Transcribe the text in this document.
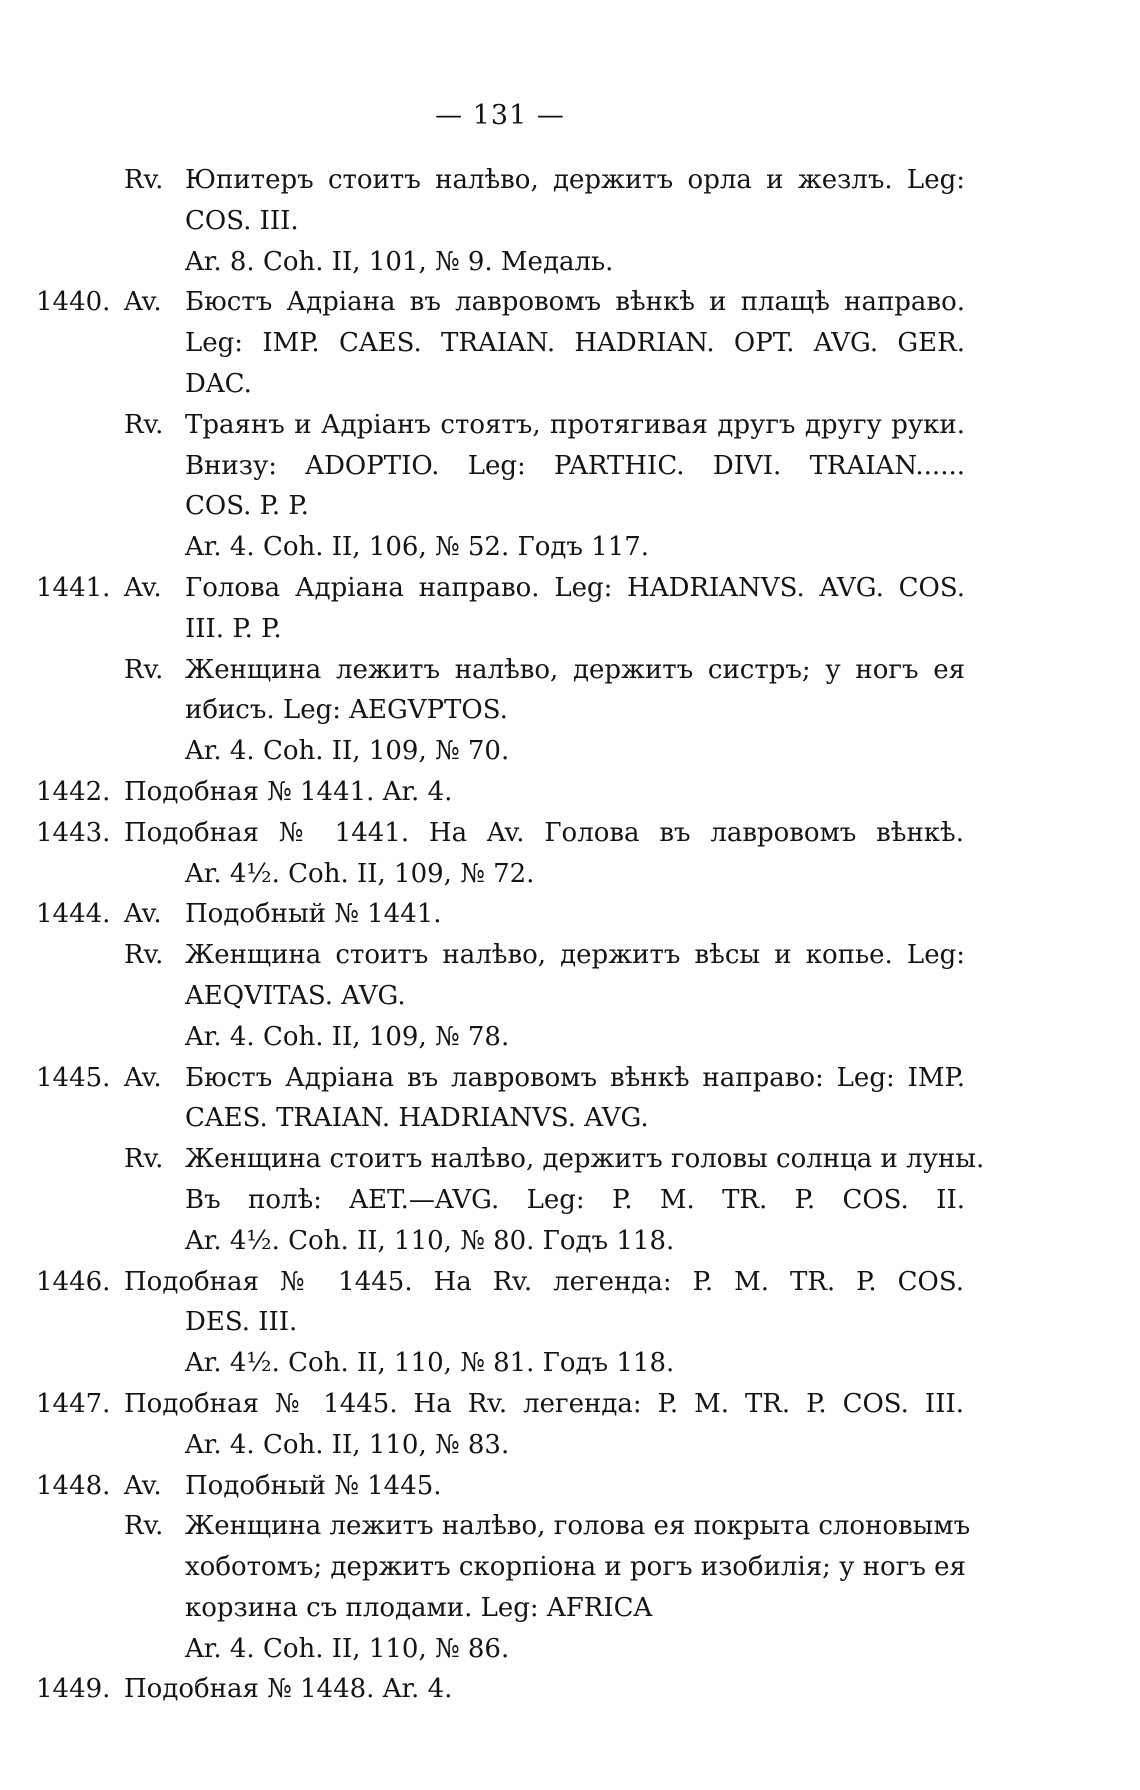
— 131 —
Rv. Юпитеръ стоитъ налѣво, держитъ орла и жезлъ. Leg:
COS. III.
Ar. 8. Coh. II, 101, № 9. Медаль.
1440. Av. Бюстъ Адріана въ лавровомъ вѣнкѣ и плащѣ направо.
Leg: IMP. CAES. TRAIAN. HADRIAN. OPT. AVG. GER.
DAC.
Rv. Траянъ и Адріанъ стоятъ, протягивая другъ другу руки.
Внизу: ADOPTIO. Leg: PARTHIC. DIVI. TRAIAN......
COS. P. P.
Ar. 4. Coh. II, 106, № 52. Годъ 117.
1441. Av. Голова Адріана направо. Leg: HADRIANVS. AVG. COS.
III. P. P.
Rv. Женщина лежитъ налѣво, держитъ систръ; у ногъ ея
ибисъ. Leg: AEGVPTOS.
Ar. 4. Coh. II, 109, № 70.
1442. Подобная № 1441. Ar. 4.
1443. Подобная № 1441. На Av. Голова въ лавровомъ вѣнкѣ.
Ar. 4½. Coh. II, 109, № 72.
1444. Av. Подобный № 1441.
Rv. Женщина стоитъ налѣво, держитъ вѣсы и копье. Leg:
AEQVITAS. AVG.
Ar. 4. Coh. II, 109, № 78.
1445. Av. Бюстъ Адріана въ лавровомъ вѣнкѣ направо: Leg: IMP.
CAES. TRAIAN. HADRIANVS. AVG.
Rv. Женщина стоитъ налѣво, держитъ головы солнца и луны.
Въ полѣ: AET.—AVG. Leg: P. M. TR. P. COS. II.
Ar. 4½. Coh. II, 110, № 80. Годъ 118.
1446. Подобная № 1445. На Rv. легенда: P. M. TR. P. COS.
DES. III.
Ar. 4½. Coh. II, 110, № 81. Годъ 118.
1447. Подобная № 1445. На Rv. легенда: P. M. TR. P. COS. III.
Ar. 4. Coh. II, 110, № 83.
1448. Av. Подобный № 1445.
Rv. Женщина лежитъ налѣво, голова ея покрыта слоновымъ
хоботомъ; держитъ скорпіона и рогъ изобилія; у ногъ ея
корзина съ плодами. Leg: AFRICA
Ar. 4. Coh. II, 110, № 86.
1449. Подобная № 1448. Ar. 4.
